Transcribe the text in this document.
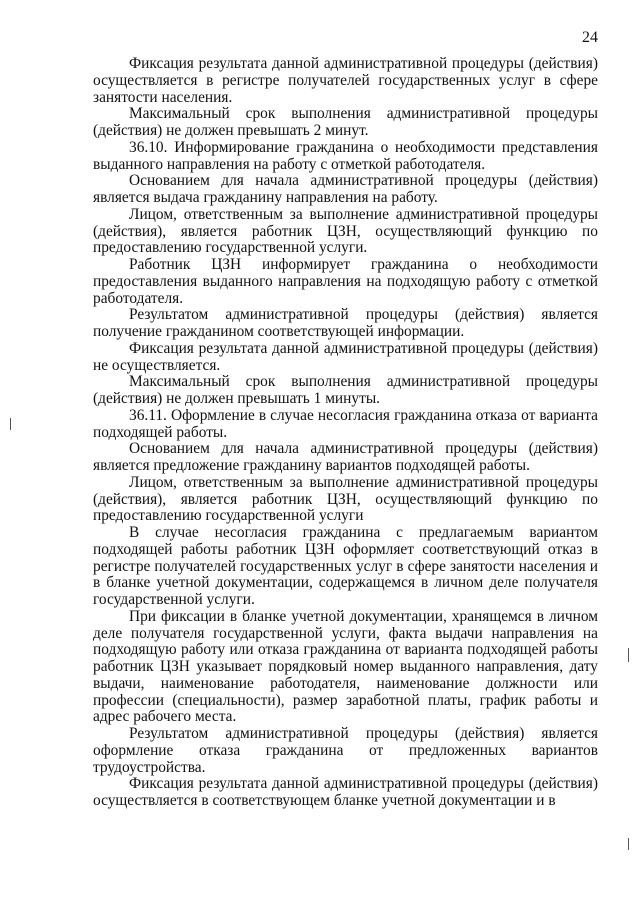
24

Фиксация результата данной административной процедуры (действия) осуществляется в регистре получателей государственных услуг в сфере занятости населения.

Максимальный срок выполнения административной процедуры (действия) не должен превышать 2 минут.

36.10. Информирование гражданина о необходимости представления выданного направления на работу с отметкой работодателя.

Основанием для начала административной процедуры (действия) является выдача гражданину направления на работу.

Лицом, ответственным за выполнение административной процедуры (действия), является работник ЦЗН, осуществляющий функцию по предоставлению государственной услуги.

Работник ЦЗН информирует гражданина о необходимости предоставления выданного направления на подходящую работу с отметкой работодателя.

Результатом административной процедуры (действия) является получение гражданином соответствующей информации.

Фиксация результата данной административной процедуры (действия) не осуществляется.

Максимальный срок выполнения административной процедуры (действия) не должен превышать 1 минуты.

36.11. Оформление в случае несогласия гражданина отказа от варианта подходящей работы.

Основанием для начала административной процедуры (действия) является предложение гражданину вариантов подходящей работы.

Лицом, ответственным за выполнение административной процедуры (действия), является работник ЦЗН, осуществляющий функцию по предоставлению государственной услуги

В случае несогласия гражданина с предлагаемым вариантом подходящей работы работник ЦЗН оформляет соответствующий отказ в регистре получателей государственных услуг в сфере занятости населения и в бланке учетной документации, содержащемся в личном деле получателя государственной услуги.

При фиксации в бланке учетной документации, хранящемся в личном деле получателя государственной услуги, факта выдачи направления на подходящую работу или отказа гражданина от варианта подходящей работы работник ЦЗН указывает порядковый номер выданного направления, дату выдачи, наименование работодателя, наименование должности или профессии (специальности), размер заработной платы, график работы и адрес рабочего места.

Результатом административной процедуры (действия) является оформление отказа гражданина от предложенных вариантов трудоустройства.

Фиксация результата данной административной процедуры (действия) осуществляется в соответствующем бланке учетной документации и в
